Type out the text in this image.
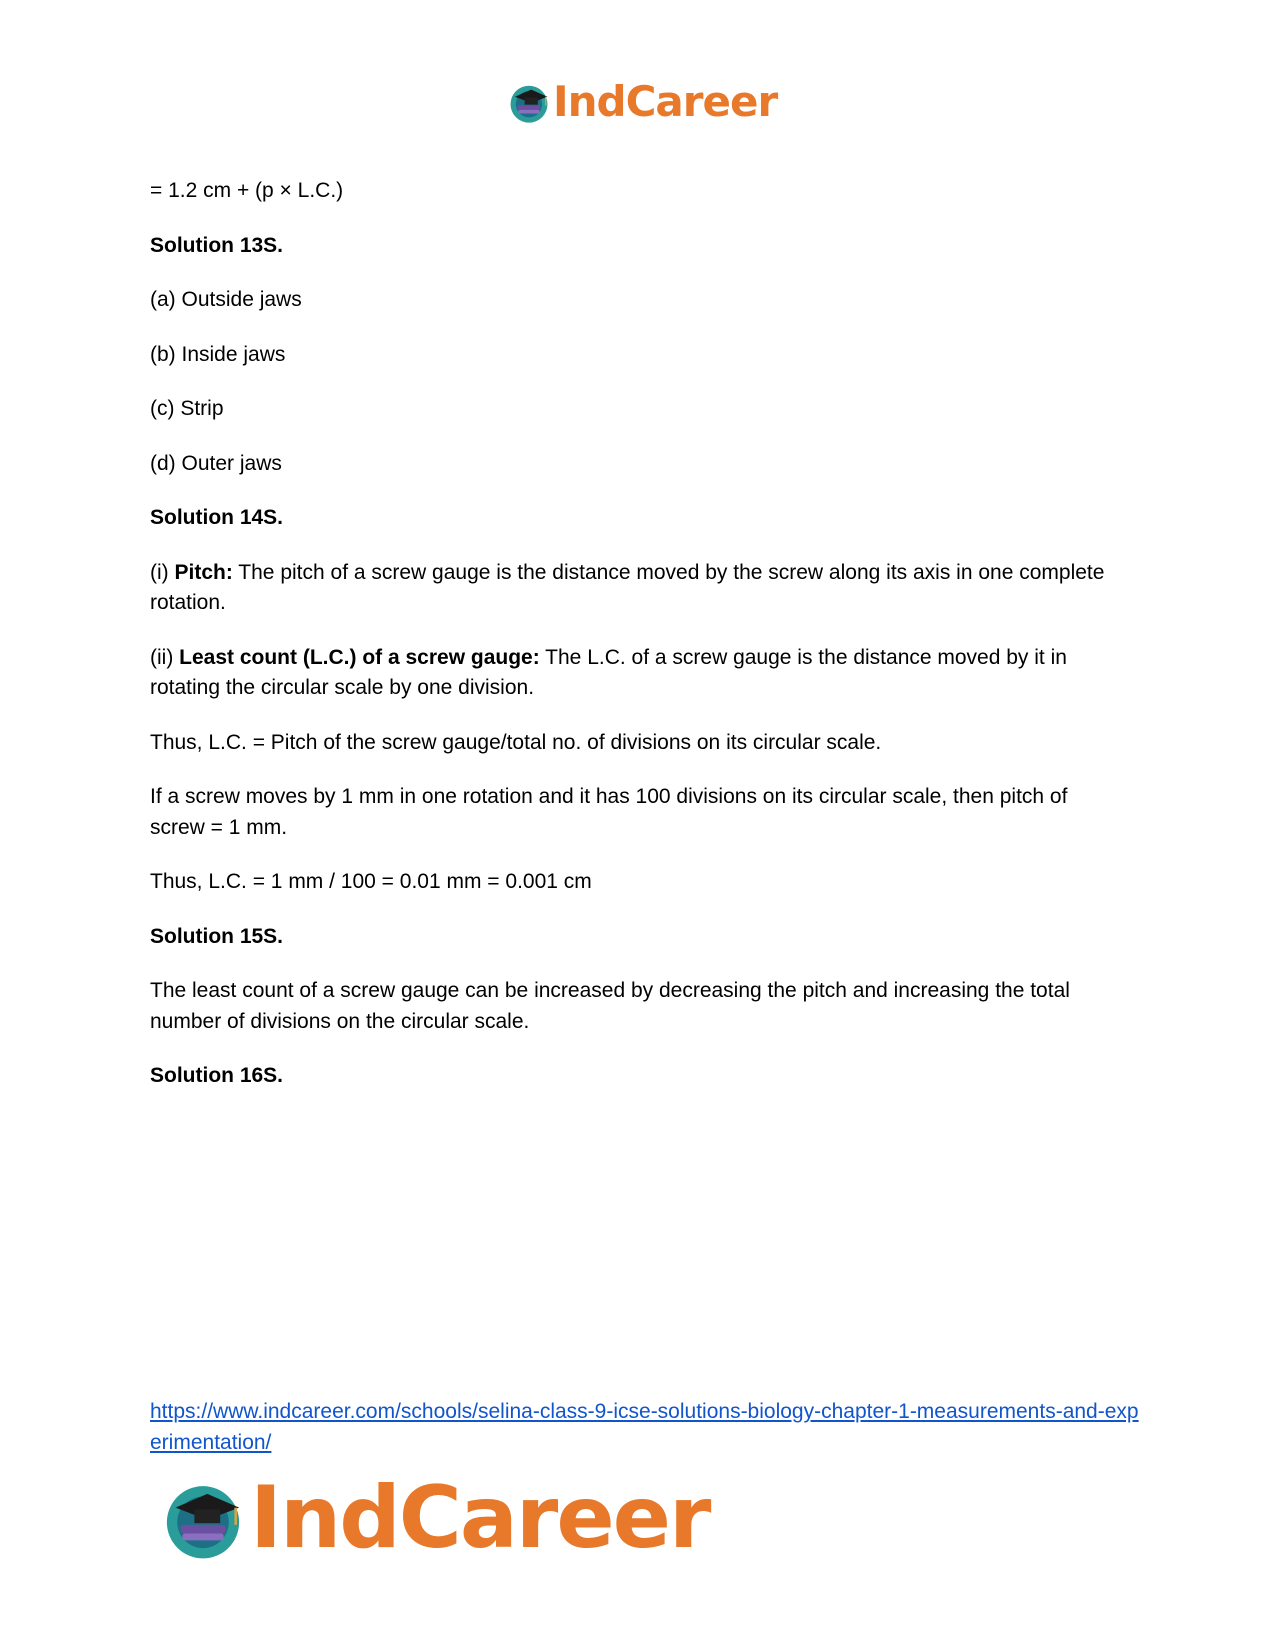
IndCareer

= 1.2 cm + (p × L.C.)

Solution 13S.

(a) Outside jaws

(b) Inside jaws

(c) Strip

(d) Outer jaws

Solution 14S.

(i) Pitch: The pitch of a screw gauge is the distance moved by the screw along its axis in one complete rotation.

(ii) Least count (L.C.) of a screw gauge: The L.C. of a screw gauge is the distance moved by it in rotating the circular scale by one division.

Thus, L.C. = Pitch of the screw gauge/total no. of divisions on its circular scale.

If a screw moves by 1 mm in one rotation and it has 100 divisions on its circular scale, then pitch of screw = 1 mm.

Thus, L.C. = 1 mm / 100 = 0.01 mm = 0.001 cm

Solution 15S.

The least count of a screw gauge can be increased by decreasing the pitch and increasing the total number of divisions on the circular scale.

Solution 16S.

https://www.indcareer.com/schools/selina-class-9-icse-solutions-biology-chapter-1-measurements-and-experimentation/
IndCareer
